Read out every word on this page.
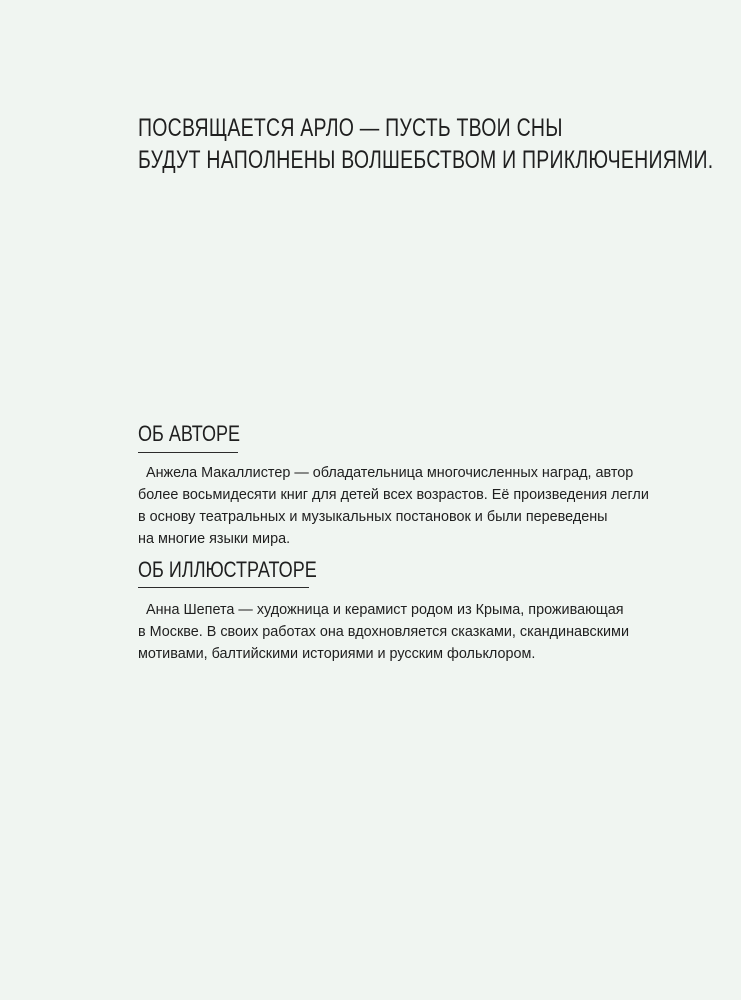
ПОСВЯЩАЕТСЯ АРЛО — ПУСТЬ ТВОИ СНЫ
БУДУТ НАПОЛНЕНЫ ВОЛШЕБСТВОМ И ПРИКЛЮЧЕНИЯМИ.
ОБ АВТОРЕ
Анжела Макаллистер — обладательница многочисленных наград, автор
более восьмидесяти книг для детей всех возрастов. Её произведения легли
в основу театральных и музыкальных постановок и были переведены
на многие языки мира.
ОБ ИЛЛЮСТРАТОРЕ
Анна Шепета — художница и керамист родом из Крыма, проживающая
в Москве. В своих работах она вдохновляется сказками, скандинавскими
мотивами, балтийскими историями и русским фольклором.
